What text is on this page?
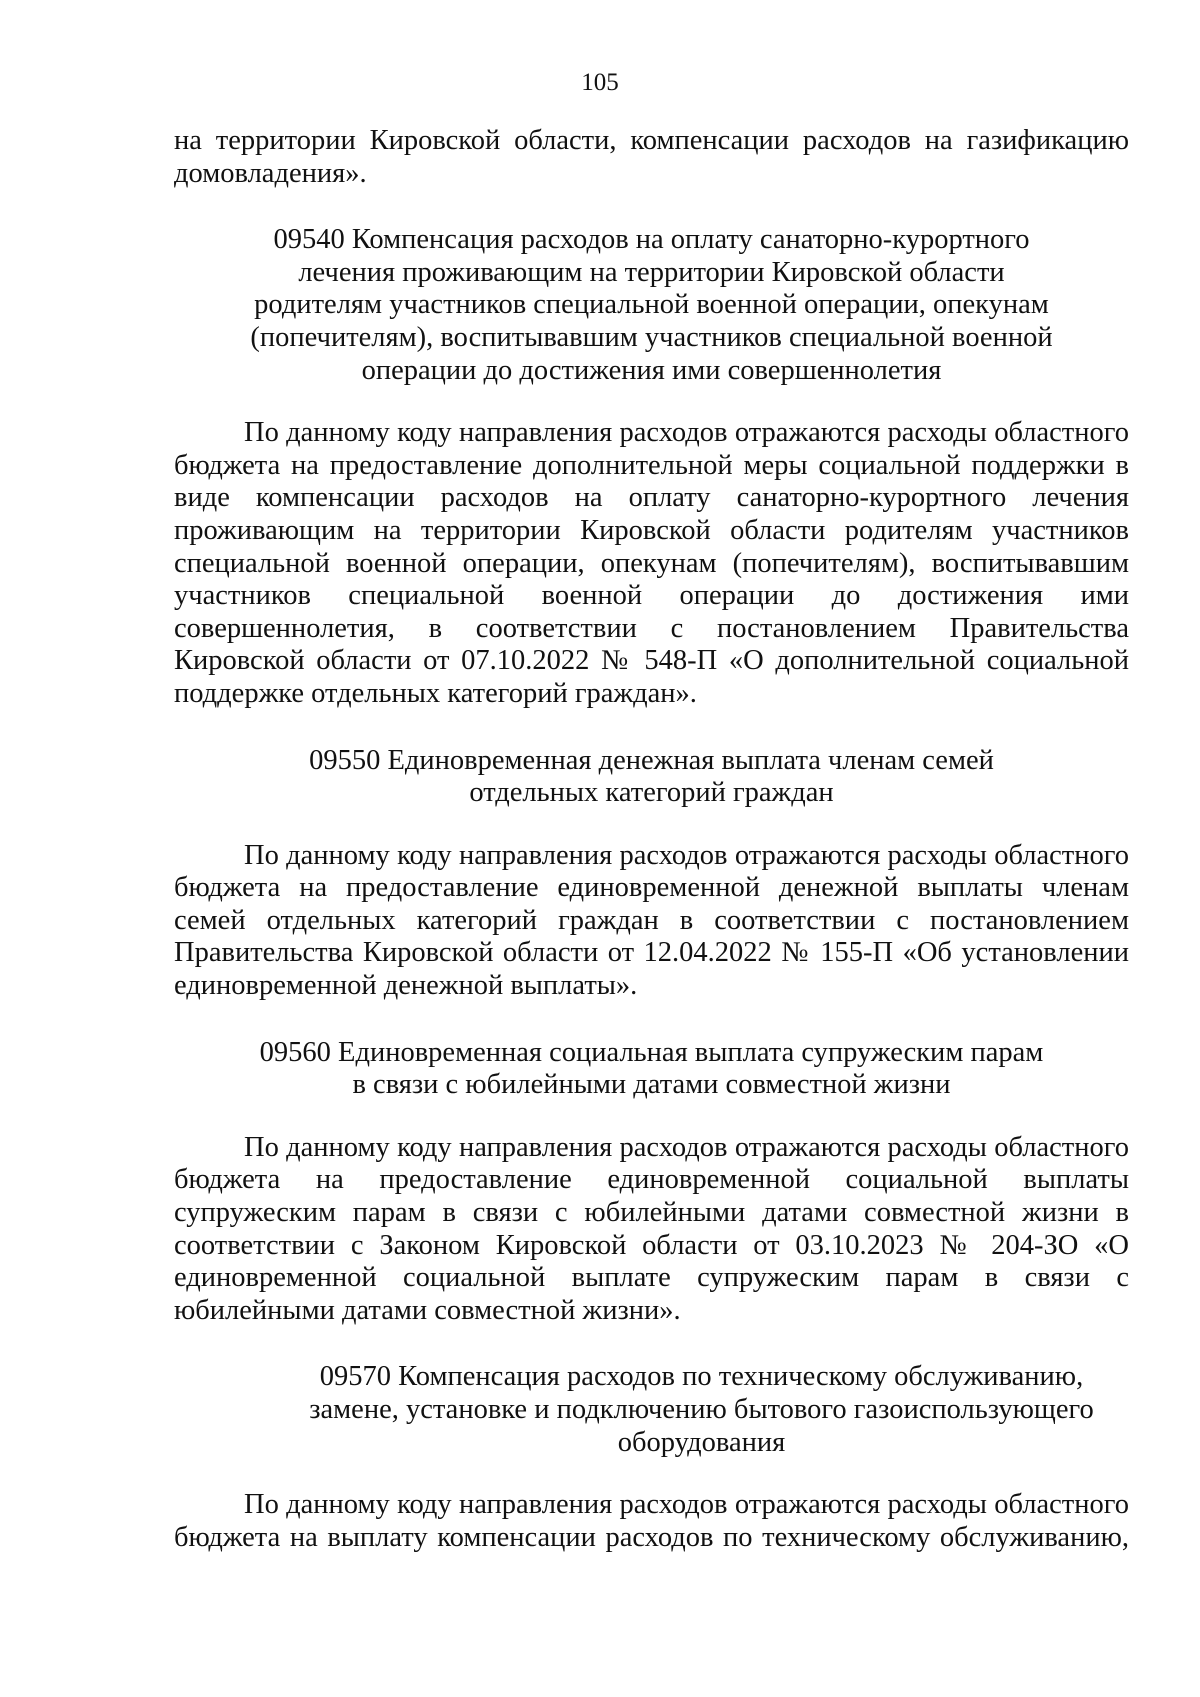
105

на территории Кировской области, компенсации расходов на газификацию домовладения».

09540 Компенсация расходов на оплату санаторно-курортного
лечения проживающим на территории Кировской области
родителям участников специальной военной операции, опекунам
(попечителям), воспитывавшим участников специальной военной
операции до достижения ими совершеннолетия

По данному коду направления расходов отражаются расходы областного бюджета на предоставление дополнительной меры социальной поддержки в виде компенсации расходов на оплату санаторно-курортного лечения проживающим на территории Кировской области родителям участников специальной военной операции, опекунам (попечителям), воспитывавшим участников специальной военной операции до достижения ими совершеннолетия, в соответствии с постановлением Правительства Кировской области от 07.10.2022 № 548-П «О дополнительной социальной поддержке отдельных категорий граждан».

09550 Единовременная денежная выплата членам семей
отдельных категорий граждан

По данному коду направления расходов отражаются расходы областного бюджета на предоставление единовременной денежной выплаты членам семей отдельных категорий граждан в соответствии с постановлением Правительства Кировской области от 12.04.2022 № 155-П «Об установлении единовременной денежной выплаты».

09560 Единовременная социальная выплата супружеским парам
в связи с юбилейными датами совместной жизни

По данному коду направления расходов отражаются расходы областного бюджета на предоставление единовременной социальной выплаты супружеским парам в связи с юбилейными датами совместной жизни в соответствии с Законом Кировской области от 03.10.2023 № 204-ЗО «О единовременной социальной выплате супружеским парам в связи с юбилейными датами совместной жизни».

09570 Компенсация расходов по техническому обслуживанию,
замене, установке и подключению бытового газоиспользующего
оборудования

По данному коду направления расходов отражаются расходы областного бюджета на выплату компенсации расходов по техническому обслуживанию,
